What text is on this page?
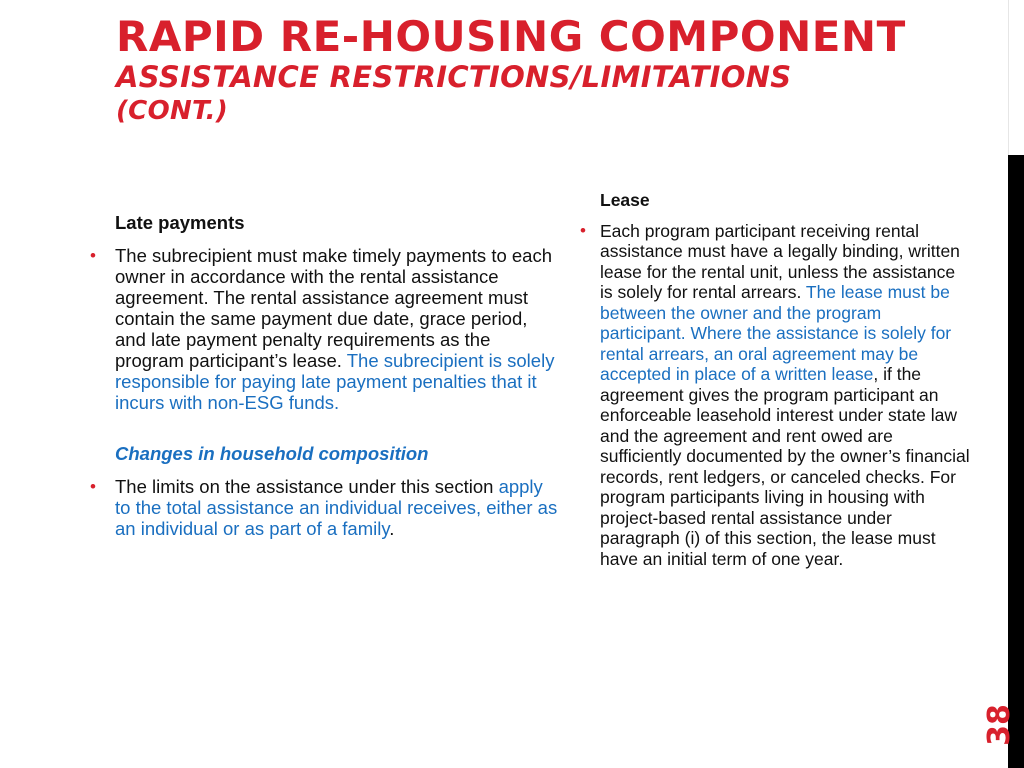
RAPID RE-HOUSING COMPONENT
ASSISTANCE RESTRICTIONS/LIMITATIONS
(CONT.)
38
Late payments
• The subrecipient must make timely payments to each owner in accordance with the rental assistance agreement. The rental assistance agreement must contain the same payment due date, grace period, and late payment penalty requirements as the program participant’s lease. The subrecipient is solely responsible for paying late payment penalties that it incurs with non-ESG funds.
Changes in household composition
• The limits on the assistance under this section apply to the total assistance an individual receives, either as an individual or as part of a family.
Lease
• Each program participant receiving rental assistance must have a legally binding, written lease for the rental unit, unless the assistance is solely for rental arrears. The lease must be between the owner and the program participant. Where the assistance is solely for rental arrears, an oral agreement may be accepted in place of a written lease, if the agreement gives the program participant an enforceable leasehold interest under state law and the agreement and rent owed are sufficiently documented by the owner’s financial records, rent ledgers, or canceled checks. For program participants living in housing with project-based rental assistance under paragraph (i) of this section, the lease must have an initial term of one year.
